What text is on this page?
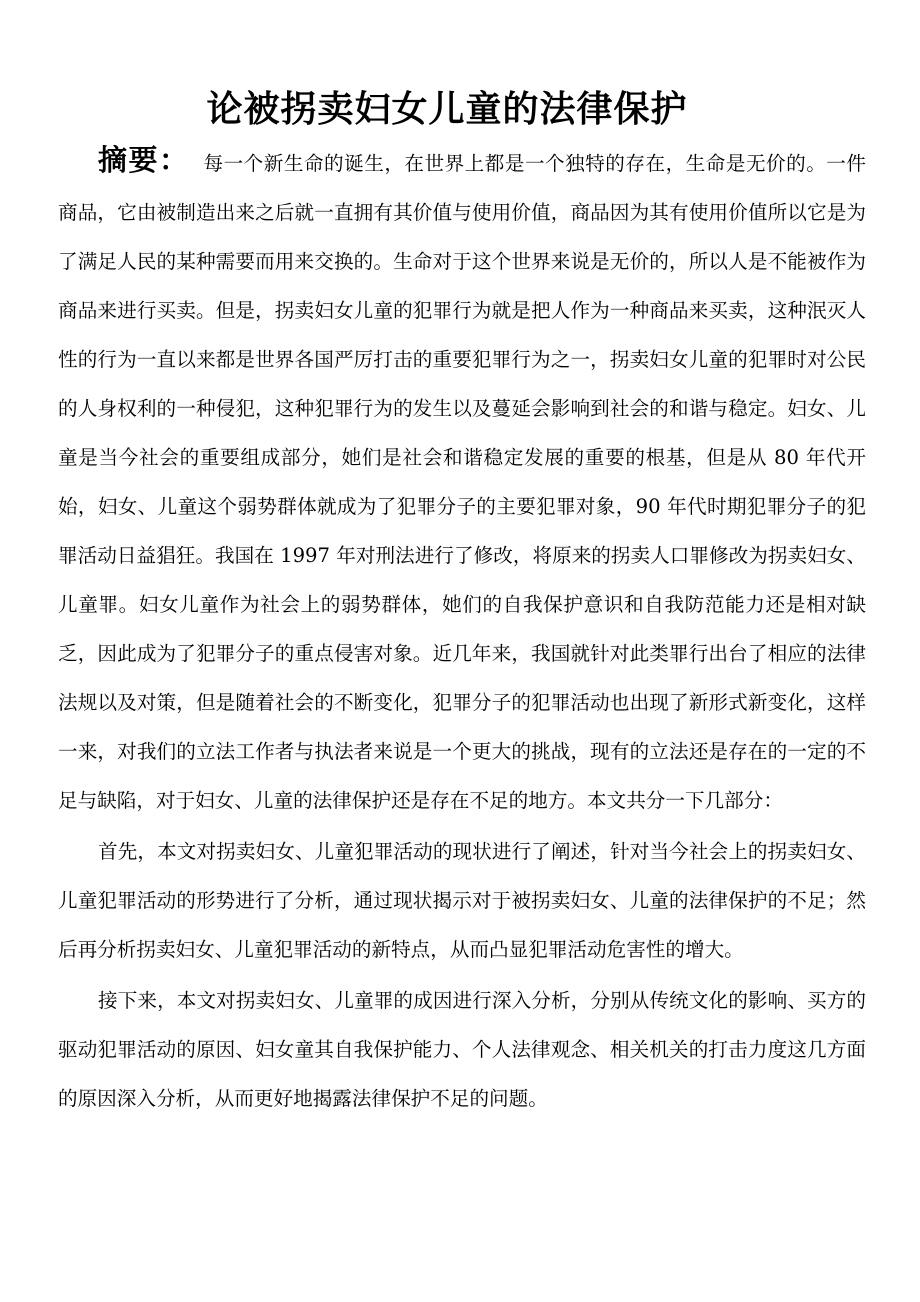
论被拐卖妇女儿童的法律保护

摘要： 每一个新生命的诞生，在世界上都是一个独特的存在，生命是无价的。一件商品，它由被制造出来之后就一直拥有其价值与使用价值，商品因为其有使用价值所以它是为了满足人民的某种需要而用来交换的。生命对于这个世界来说是无价的，所以人是不能被作为商品来进行买卖。但是，拐卖妇女儿童的犯罪行为就是把人作为一种商品来买卖，这种泯灭人性的行为一直以来都是世界各国严厉打击的重要犯罪行为之一，拐卖妇女儿童的犯罪时对公民的人身权利的一种侵犯，这种犯罪行为的发生以及蔓延会影响到社会的和谐与稳定。妇女、儿童是当今社会的重要组成部分，她们是社会和谐稳定发展的重要的根基，但是从 80 年代开始，妇女、儿童这个弱势群体就成为了犯罪分子的主要犯罪对象，90 年代时期犯罪分子的犯罪活动日益猖狂。我国在 1997 年对刑法进行了修改，将原来的拐卖人口罪修改为拐卖妇女、儿童罪。妇女儿童作为社会上的弱势群体，她们的自我保护意识和自我防范能力还是相对缺乏，因此成为了犯罪分子的重点侵害对象。近几年来，我国就针对此类罪行出台了相应的法律法规以及对策，但是随着社会的不断变化，犯罪分子的犯罪活动也出现了新形式新变化，这样一来，对我们的立法工作者与执法者来说是一个更大的挑战，现有的立法还是存在的一定的不足与缺陷，对于妇女、儿童的法律保护还是存在不足的地方。本文共分一下几部分：

首先，本文对拐卖妇女、儿童犯罪活动的现状进行了阐述，针对当今社会上的拐卖妇女、儿童犯罪活动的形势进行了分析，通过现状揭示对于被拐卖妇女、儿童的法律保护的不足；然后再分析拐卖妇女、儿童犯罪活动的新特点，从而凸显犯罪活动危害性的增大。

接下来，本文对拐卖妇女、儿童罪的成因进行深入分析，分别从传统文化的影响、买方的驱动犯罪活动的原因、妇女童其自我保护能力、个人法律观念、相关机关的打击力度这几方面的原因深入分析，从而更好地揭露法律保护不足的问题。
